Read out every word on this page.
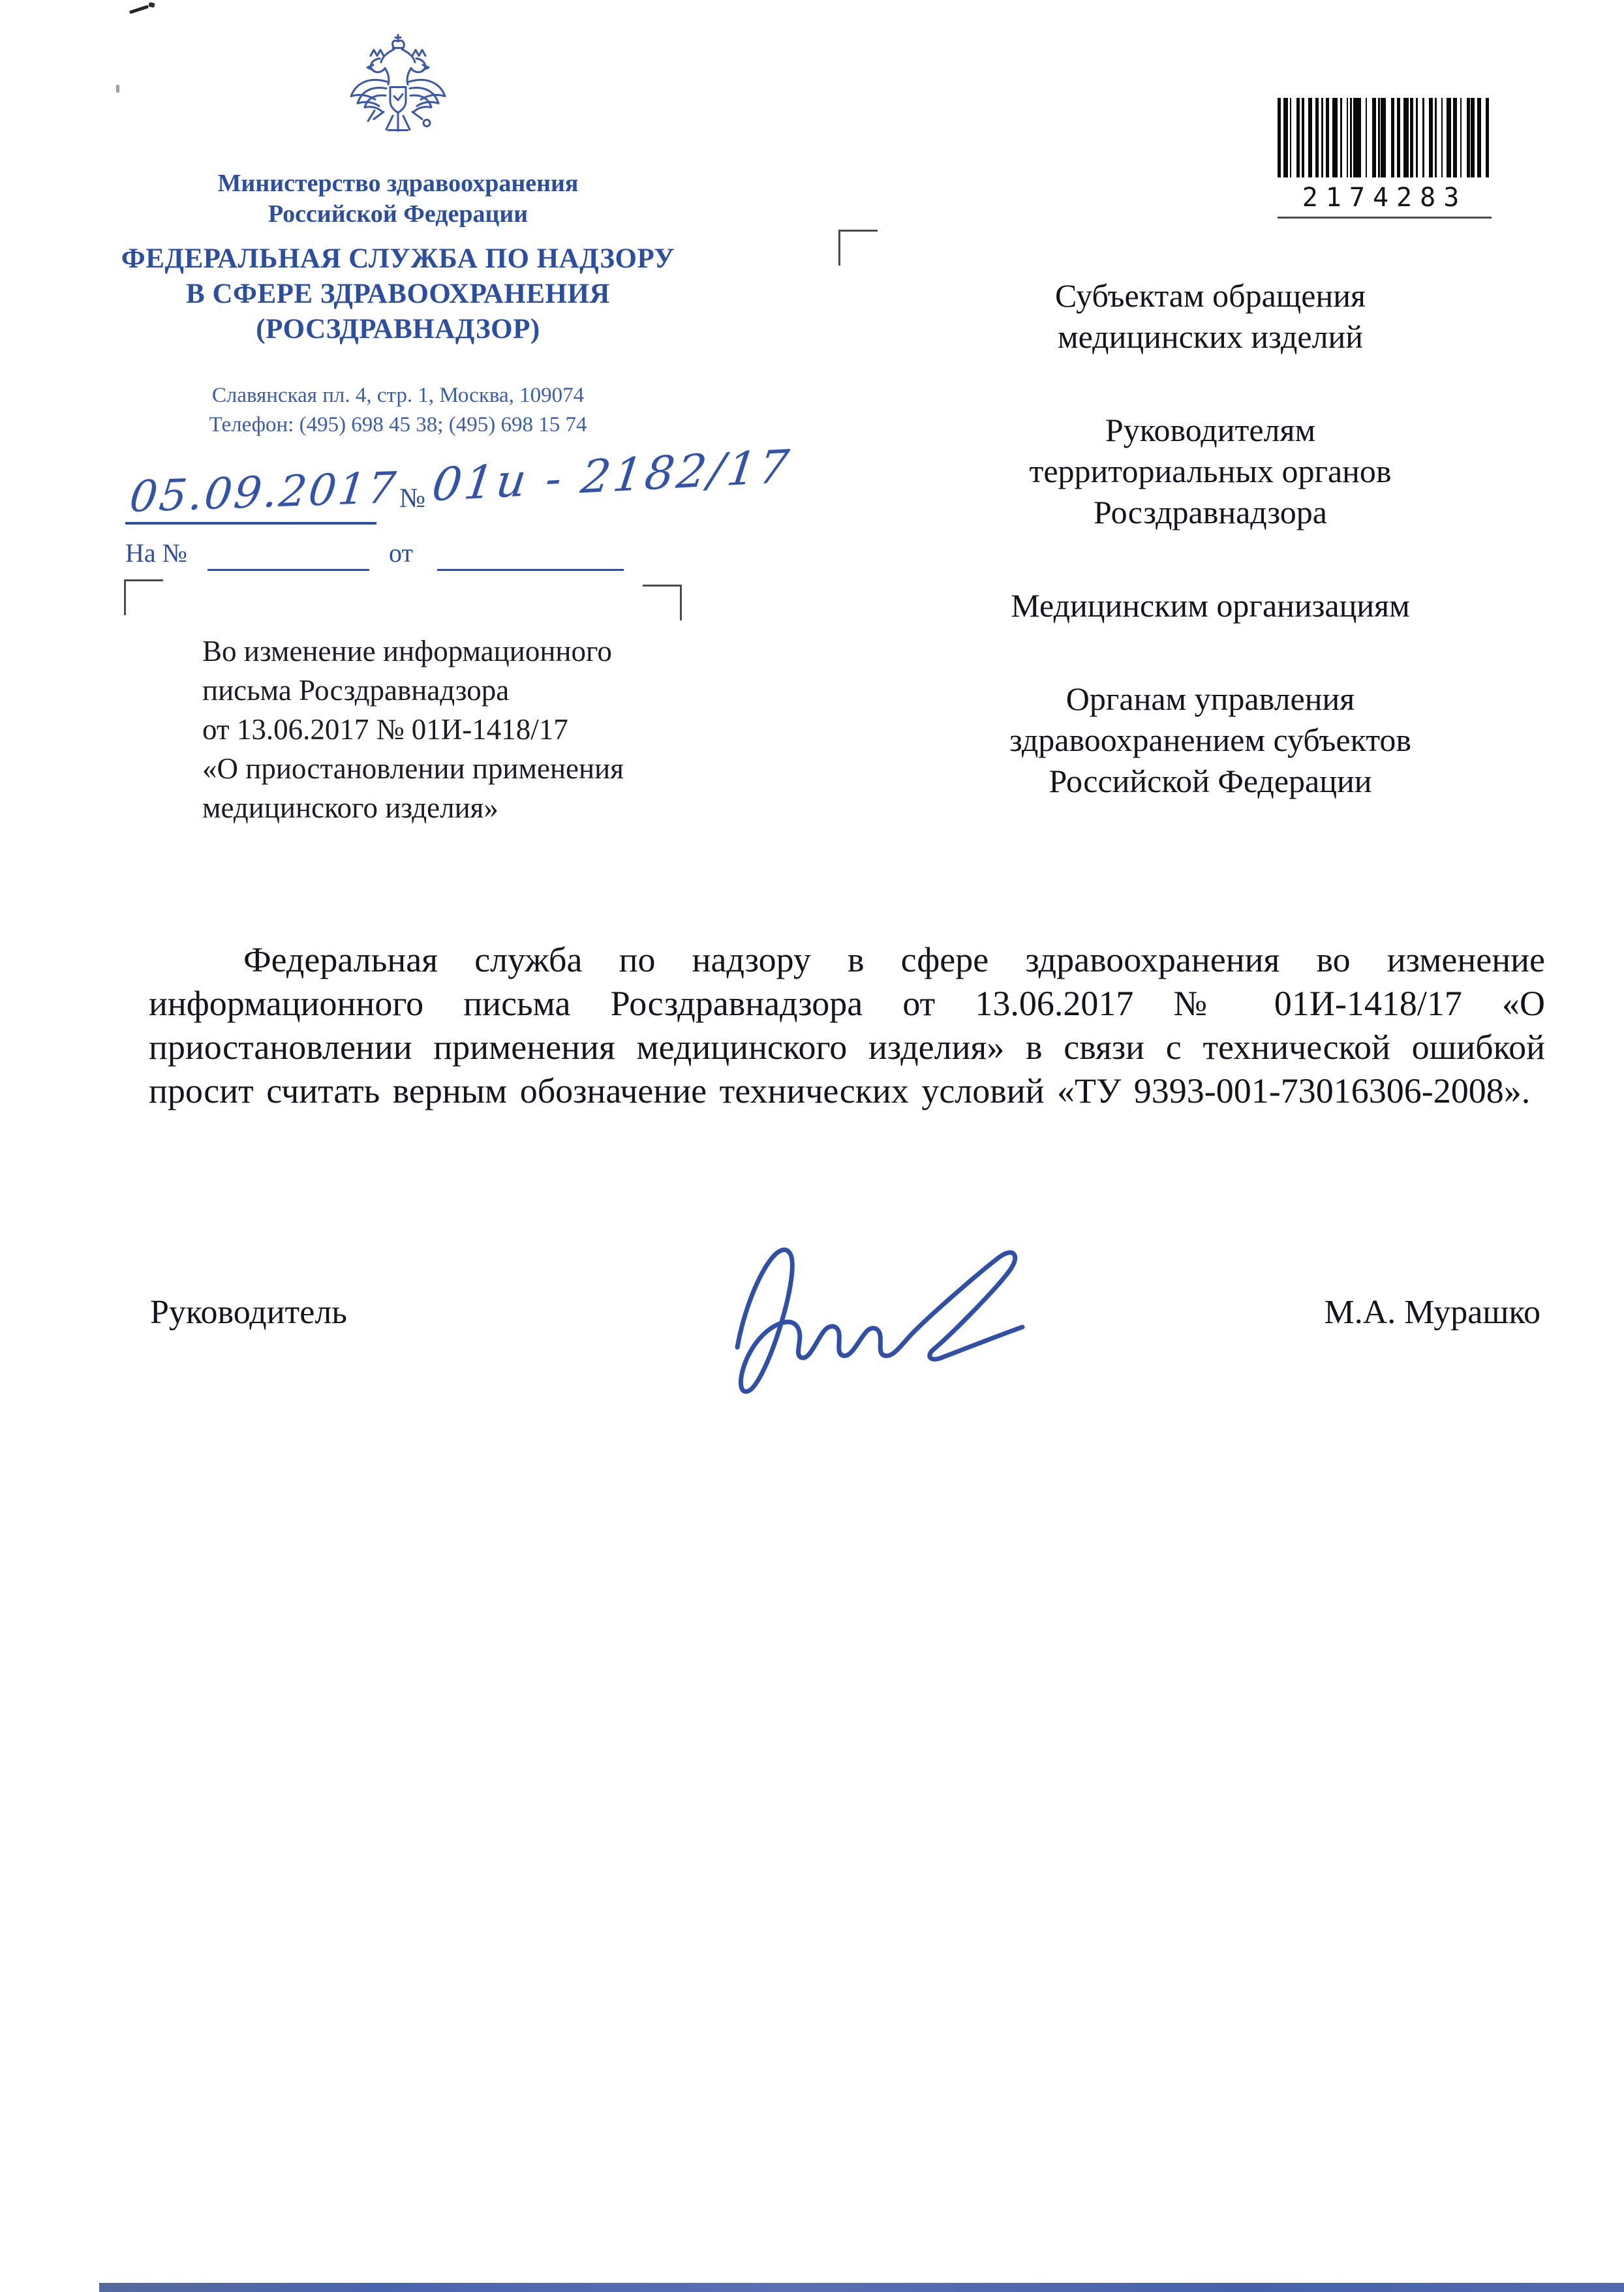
Министерство здравоохранения
Российской Федерации
ФЕДЕРАЛЬНАЯ СЛУЖБА ПО НАДЗОРУ
В СФЕРЕ ЗДРАВООХРАНЕНИЯ
(РОСЗДРАВНАДЗОР)
Славянская пл. 4, стр. 1, Москва, 109074
Телефон: (495) 698 45 38; (495) 698 15 74
05.09.2017 № 01и - 2182/17
На №	от
Во изменение информационного
письма Росздравнадзора
от 13.06.2017 № 01И-1418/17
«О приостановлении применения
медицинского изделия»
2174283
Субъектам обращения
медицинских изделий
Руководителям
территориальных органов
Росздравнадзора
Медицинским организациям
Органам управления
здравоохранением субъектов
Российской Федерации

Федеральная служба по надзору в сфере здравоохранения во изменение информационного письма Росздравнадзора от 13.06.2017 № 01И-1418/17 «О приостановлении применения медицинского изделия» в связи с технической ошибкой просит считать верным обозначение технических условий «ТУ 9393-001-73016306-2008».

Руководитель	М.А. Мурашко
